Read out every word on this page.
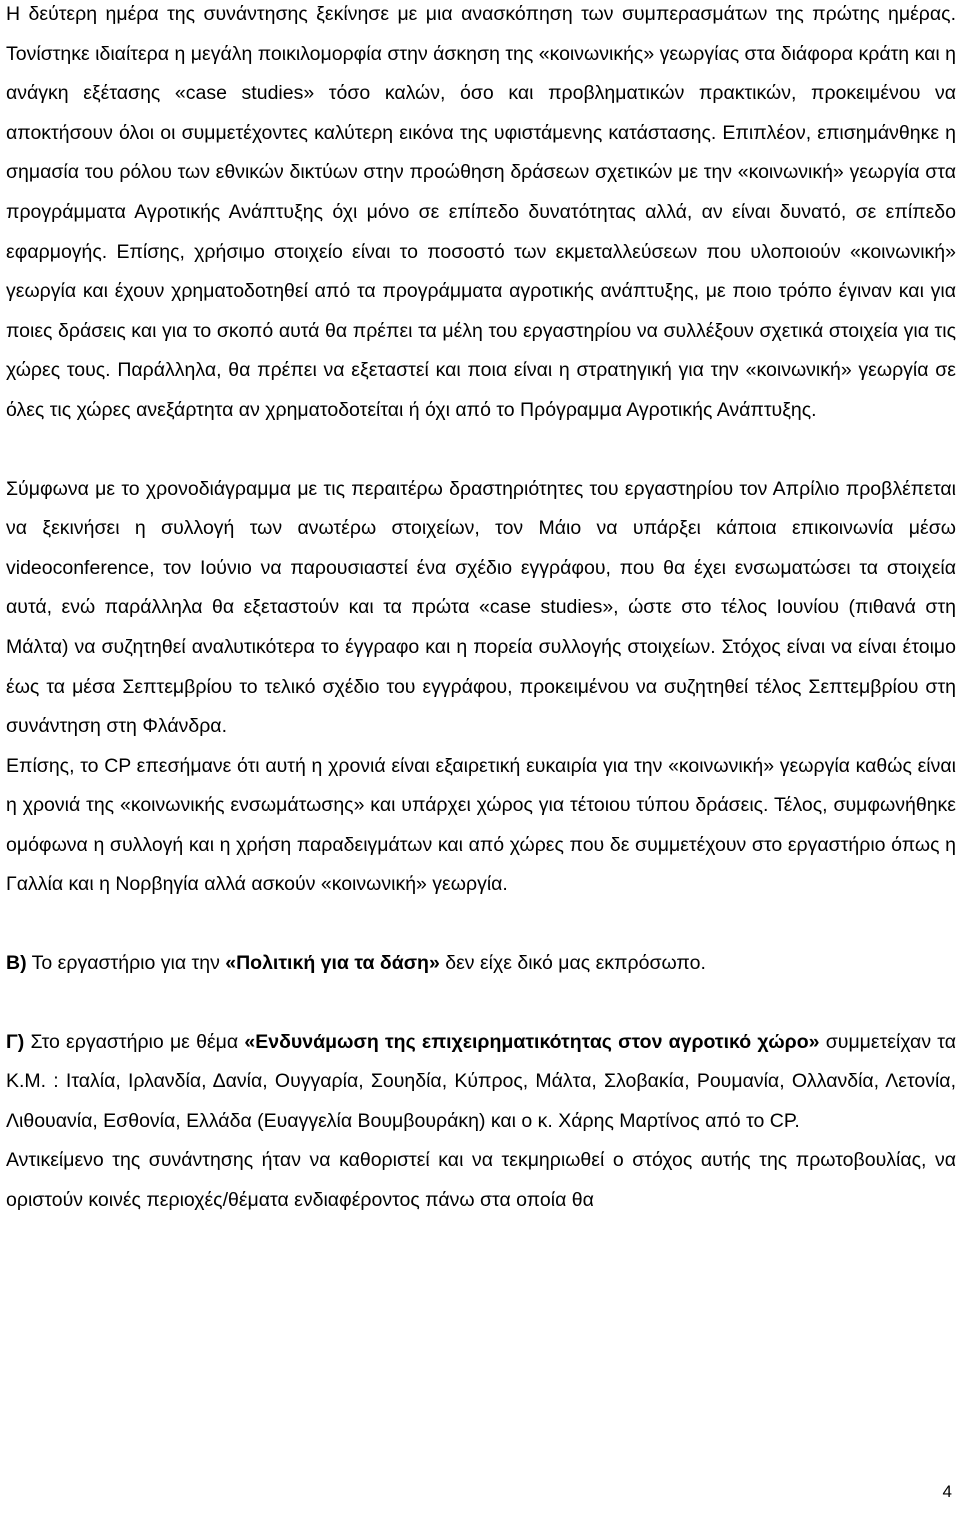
Η δεύτερη ημέρα της συνάντησης ξεκίνησε με μια ανασκόπηση των συμπερασμάτων της πρώτης ημέρας. Τονίστηκε ιδιαίτερα η μεγάλη ποικιλομορφία στην άσκηση της «κοινωνικής» γεωργίας στα διάφορα κράτη και η ανάγκη εξέτασης «case studies» τόσο καλών, όσο και προβληματικών πρακτικών, προκειμένου να αποκτήσουν όλοι οι συμμετέχοντες καλύτερη εικόνα της υφιστάμενης κατάστασης. Επιπλέον, επισημάνθηκε η σημασία του ρόλου των εθνικών δικτύων στην προώθηση δράσεων σχετικών με την «κοινωνική» γεωργία στα προγράμματα Αγροτικής Ανάπτυξης όχι μόνο σε επίπεδο δυνατότητας αλλά, αν είναι δυνατό, σε επίπεδο εφαρμογής. Επίσης, χρήσιμο στοιχείο είναι το ποσοστό των εκμεταλλεύσεων που υλοποιούν «κοινωνική» γεωργία και έχουν χρηματοδοτηθεί από τα προγράμματα αγροτικής ανάπτυξης, με ποιο τρόπο έγιναν και για ποιες δράσεις και για το σκοπό αυτά θα πρέπει τα μέλη του εργαστηρίου να συλλέξουν σχετικά στοιχεία για τις χώρες τους. Παράλληλα, θα πρέπει να εξεταστεί και ποια είναι η στρατηγική για την «κοινωνική» γεωργία σε όλες τις χώρες ανεξάρτητα αν χρηματοδοτείται ή όχι από το Πρόγραμμα Αγροτικής Ανάπτυξης.

Σύμφωνα με το χρονοδιάγραμμα με τις περαιτέρω δραστηριότητες του εργαστηρίου τον Απρίλιο προβλέπεται να ξεκινήσει η συλλογή των ανωτέρω στοιχείων, τον Μάιο να υπάρξει κάποια επικοινωνία μέσω videoconference, τον Ιούνιο να παρουσιαστεί ένα σχέδιο εγγράφου, που θα έχει ενσωματώσει τα στοιχεία αυτά, ενώ παράλληλα θα εξεταστούν και τα πρώτα «case studies», ώστε στο τέλος Ιουνίου (πιθανά στη Μάλτα) να συζητηθεί αναλυτικότερα το έγγραφο και η πορεία συλλογής στοιχείων. Στόχος είναι να είναι έτοιμο έως τα μέσα Σεπτεμβρίου το τελικό σχέδιο του εγγράφου, προκειμένου να συζητηθεί τέλος Σεπτεμβρίου στη συνάντηση στη Φλάνδρα.

Επίσης, το CP επεσήμανε ότι αυτή η χρονιά είναι εξαιρετική ευκαιρία για την «κοινωνική» γεωργία καθώς είναι η χρονιά της «κοινωνικής ενσωμάτωσης» και υπάρχει χώρος για τέτοιου τύπου δράσεις. Τέλος, συμφωνήθηκε ομόφωνα η συλλογή και η χρήση παραδειγμάτων και από χώρες που δε συμμετέχουν στο εργαστήριο όπως η Γαλλία και η Νορβηγία αλλά ασκούν «κοινωνική» γεωργία.

Β) Το εργαστήριο για την «Πολιτική για τα δάση» δεν είχε δικό μας εκπρόσωπο.

Γ) Στο εργαστήριο με θέμα «Ενδυνάμωση της επιχειρηματικότητας στον αγροτικό χώρο» συμμετείχαν τα Κ.Μ. : Ιταλία, Ιρλανδία, Δανία, Ουγγαρία, Σουηδία, Κύπρος, Μάλτα, Σλοβακία, Ρουμανία, Ολλανδία, Λετονία, Λιθουανία, Εσθονία, Ελλάδα (Ευαγγελία Βουμβουράκη) και ο κ. Χάρης Μαρτίνος από το CP.

Αντικείμενο της συνάντησης ήταν να καθοριστεί και να τεκμηριωθεί ο στόχος αυτής της πρωτοβουλίας, να οριστούν κοινές περιοχές/θέματα ενδιαφέροντος πάνω στα οποία θα

4
